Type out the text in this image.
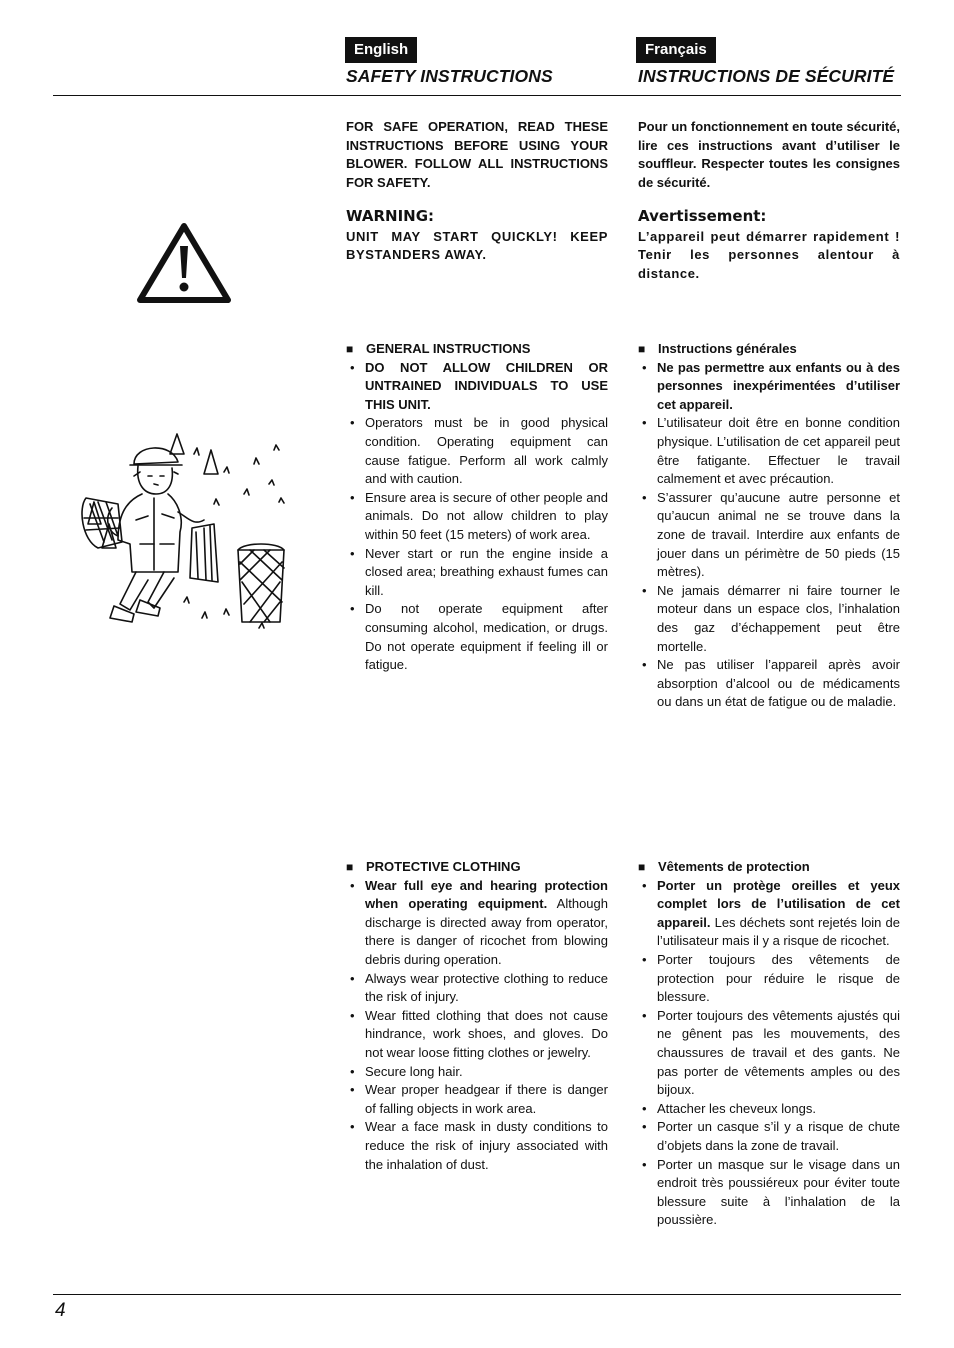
English	Français
SAFETY INSTRUCTIONS	INSTRUCTIONS DE SÉCURITÉ
FOR SAFE OPERATION, READ THESE INSTRUCTIONS BEFORE USING YOUR BLOWER. FOLLOW ALL INSTRUCTIONS FOR SAFETY.
WARNING:
UNIT MAY START QUICKLY! KEEP BYSTANDERS AWAY.
■ GENERAL INSTRUCTIONS
• DO NOT ALLOW CHILDREN OR UNTRAINED INDIVIDUALS TO USE THIS UNIT.
• Operators must be in good physical condition. Operating equipment can cause fatigue. Perform all work calmly and with caution.
• Ensure area is secure of other people and animals. Do not allow children to play within 50 feet (15 meters) of work area.
• Never start or run the engine inside a closed area; breathing exhaust fumes can kill.
• Do not operate equipment after consuming alcohol, medication, or drugs. Do not operate equipment if feeling ill or fatigue.
■ PROTECTIVE CLOTHING
• Wear full eye and hearing protection when operating equipment. Although discharge is directed away from operator, there is danger of ricochet from blowing debris during operation.
• Always wear protective clothing to reduce the risk of injury.
• Wear fitted clothing that does not cause hindrance, work shoes, and gloves. Do not wear loose fitting clothes or jewelry.
• Secure long hair.
• Wear proper headgear if there is danger of falling objects in work area.
• Wear a face mask in dusty conditions to reduce the risk of injury associated with the inhalation of dust.
Pour un fonctionnement en toute sécurité, lire ces instructions avant d’utiliser le souffleur. Respecter toutes les consignes de sécurité.
Avertissement:
L’appareil peut démarrer rapidement ! Tenir les personnes alentour à distance.
■ Instructions générales
• Ne pas permettre aux enfants ou à des personnes inexpérimentées d’utiliser cet appareil.
• L’utilisateur doit être en bonne condition physique. L’utilisation de cet appareil peut être fatigante. Effectuer le travail calmement et avec précaution.
• S’assurer qu’aucune autre personne et qu’aucun animal ne se trouve dans la zone de travail. Interdire aux enfants de jouer dans un périmètre de 50 pieds (15 mètres).
• Ne jamais démarrer ni faire tourner le moteur dans un espace clos, l’inhalation des gaz d’échappement peut être mortelle.
• Ne pas utiliser l’appareil après avoir absorption d’alcool ou de médicaments ou dans un état de fatigue ou de maladie.
■ Vêtements de protection
• Porter un protège oreilles et yeux complet lors de l’utilisation de cet appareil. Les déchets sont rejetés loin de l’utilisateur mais il y a risque de ricochet.
• Porter toujours des vêtements de protection pour réduire le risque de blessure.
• Porter toujours des vêtements ajustés qui ne gênent pas les mouvements, des chaussures de travail et des gants. Ne pas porter de vêtements amples ou des bijoux.
• Attacher les cheveux longs.
• Porter un casque s’il y a risque de chute d’objets dans la zone de travail.
• Porter un masque sur le visage dans un endroit très poussiéreux pour éviter toute blessure suite à l’inhalation de la poussière.
4
